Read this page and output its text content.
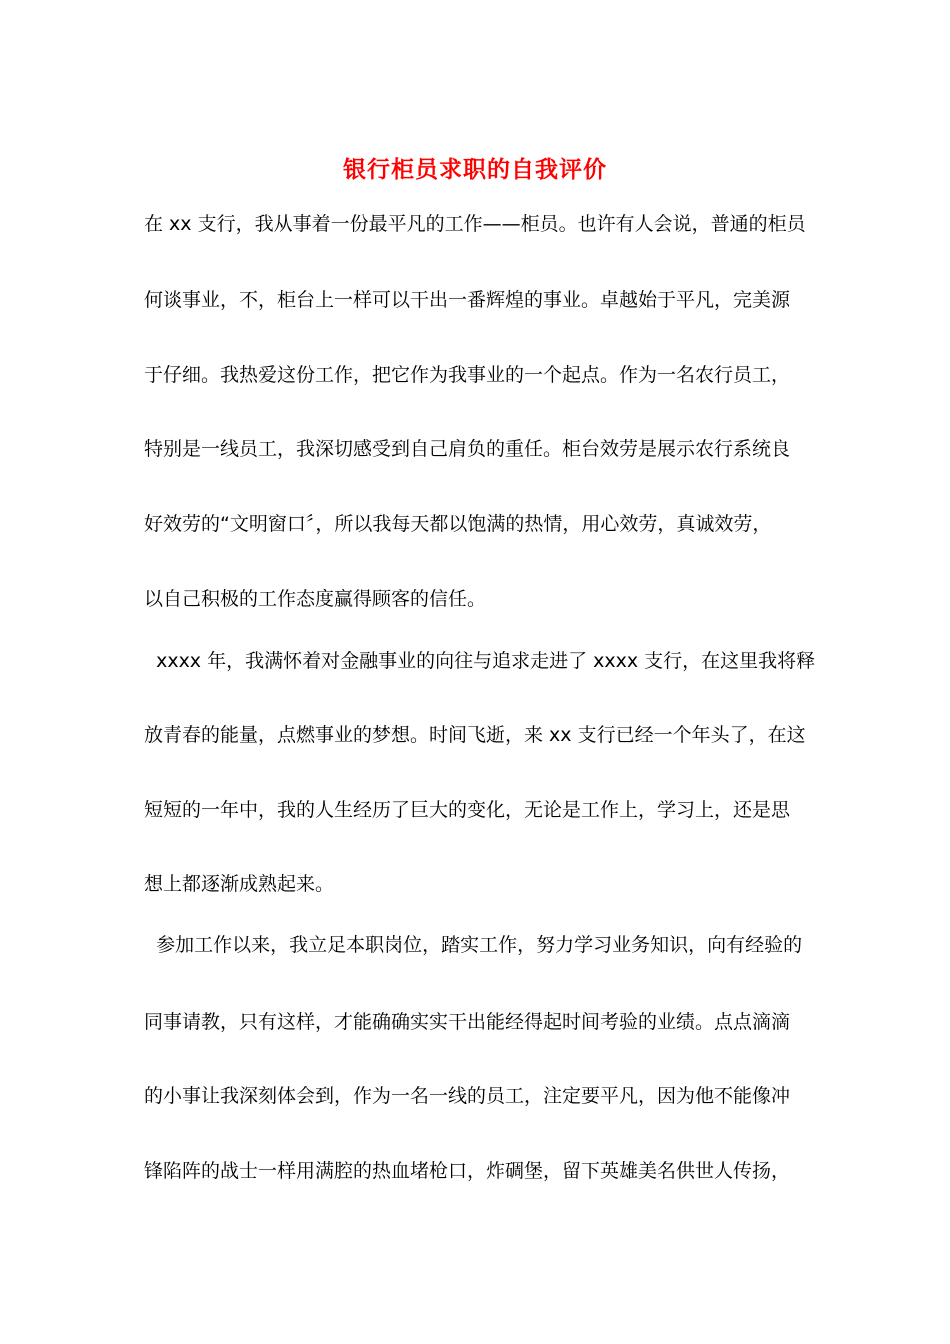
银行柜员求职的自我评价
在 xx 支行，我从事着一份最平凡的工作——柜员。也许有人会说，普通的柜员
何谈事业，不，柜台上一样可以干出一番辉煌的事业。卓越始于平凡，完美源
于仔细。我热爱这份工作，把它作为我事业的一个起点。作为一名农行员工，
特别是一线员工，我深切感受到自己肩负的重任。柜台效劳是展示农行系统良
好效劳的“文明窗口〞，所以我每天都以饱满的热情，用心效劳，真诚效劳，
以自己积极的工作态度赢得顾客的信任。
xxxx 年，我满怀着对金融事业的向往与追求走进了 xxxx 支行，在这里我将释
放青春的能量，点燃事业的梦想。时间飞逝，来 xx 支行已经一个年头了，在这
短短的一年中，我的人生经历了巨大的变化，无论是工作上，学习上，还是思
想上都逐渐成熟起来。
参加工作以来，我立足本职岗位，踏实工作，努力学习业务知识，向有经验的
同事请教，只有这样，才能确确实实干出能经得起时间考验的业绩。点点滴滴
的小事让我深刻体会到，作为一名一线的员工，注定要平凡，因为他不能像冲
锋陷阵的战士一样用满腔的热血堵枪口，炸碉堡，留下英雄美名供世人传扬，
